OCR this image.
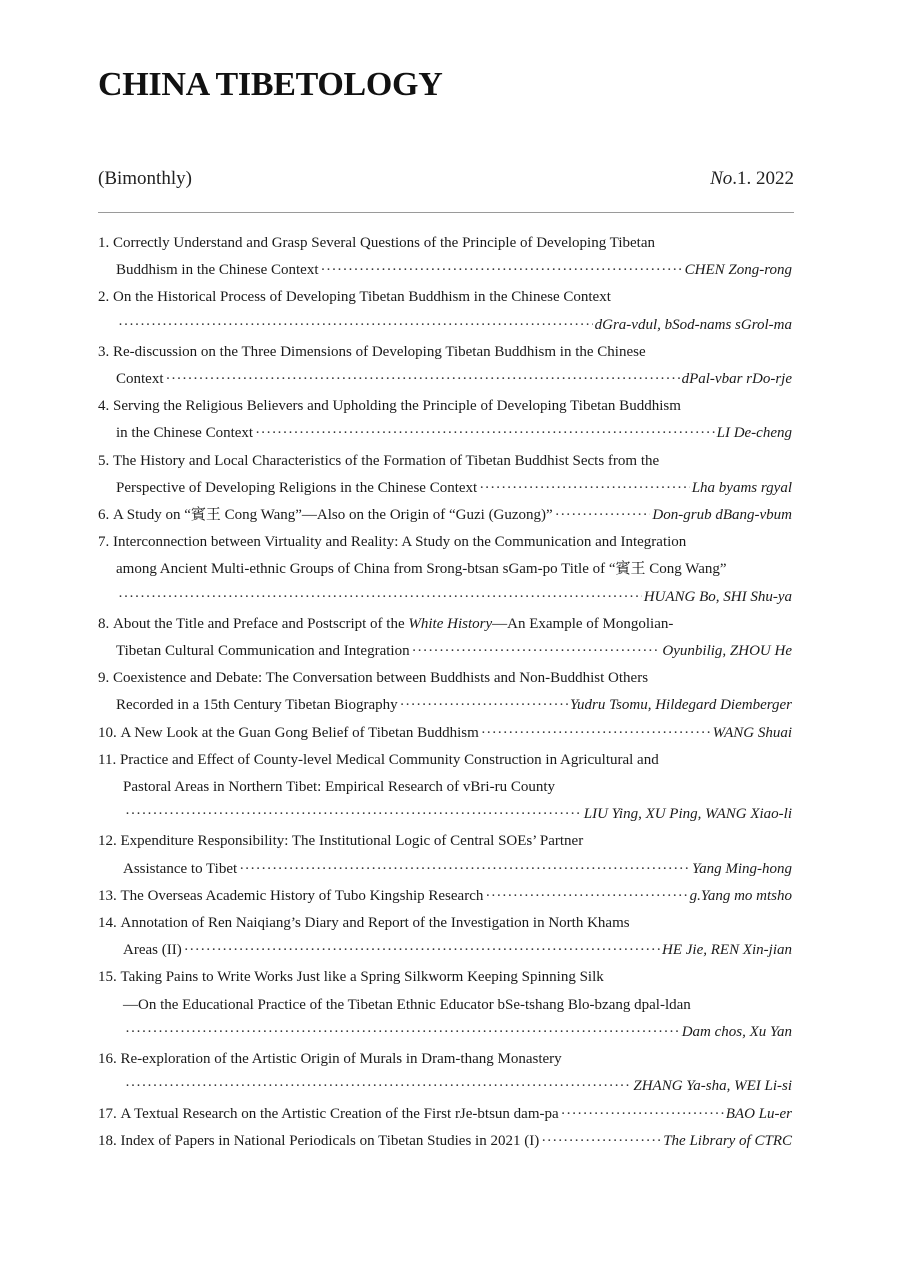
CHINA TIBETOLOGY
(Bimonthly)	No.1. 2022
1. Correctly Understand and Grasp Several Questions of the Principle of Developing Tibetan
Buddhism in the Chinese Context ·····	CHEN Zong-rong
2. On the Historical Process of Developing Tibetan Buddhism in the Chinese Context
·····
dGra-vdul, bSod-nams sGrol-ma
3. Re-discussion on the Three Dimensions of Developing Tibetan Buddhism in the Chinese
Context ·····	dPal-vbar rDo-rje
4. Serving the Religious Believers and Upholding the Principle of Developing Tibetan Buddhism
in the Chinese Context ·····	LI De-cheng
5. The History and Local Characteristics of the Formation of Tibetan Buddhist Sects from the
Perspective of Developing Religions in the Chinese Context ·····	Lha byams rgyal
6. A Study on “賓王 Cong Wang”—Also on the Origin of “Guzi (Guzong)” ·····	Don-grub dBang-vbum
7. Interconnection between Virtuality and Reality: A Study on the Communication and Integration
among Ancient Multi-ethnic Groups of China from Srong-btsan sGam-po Title of “賓王 Cong Wang”
·····
HUANG Bo, SHI Shu-ya
8. About the Title and Preface and Postscript of the White History—An Example of Mongolian-
Tibetan Cultural Communication and Integration ·····	Oyunbilig, ZHOU He
9. Coexistence and Debate: The Conversation between Buddhists and Non-Buddhist Others
Recorded in a 15th Century Tibetan Biography ·····	Yudru Tsomu, Hildegard Diemberger
10. A New Look at the Guan Gong Belief of Tibetan Buddhism ·····	WANG Shuai
11. Practice and Effect of County-level Medical Community Construction in Agricultural and
Pastoral Areas in Northern Tibet: Empirical Research of vBri-ru County
·····
LIU Ying, XU Ping, WANG Xiao-li
12. Expenditure Responsibility: The Institutional Logic of Central SOEs’ Partner
Assistance to Tibet ·····	Yang Ming-hong
13. The Overseas Academic History of Tubo Kingship Research ·····	g.Yang mo mtsho
14. Annotation of Ren Naiqiang’s Diary and Report of the Investigation in North Khams
Areas (II) ·····	HE Jie, REN Xin-jian
15. Taking Pains to Write Works Just like a Spring Silkworm Keeping Spinning Silk
—On the Educational Practice of the Tibetan Ethnic Educator bSe-tshang Blo-bzang dpal-ldan
·····
Dam chos, Xu Yan
16. Re-exploration of the Artistic Origin of Murals in Dram-thang Monastery
·····
ZHANG Ya-sha, WEI Li-si
17. A Textual Research on the Artistic Creation of the First rJe-btsun dam-pa ·····	BAO Lu-er
18. Index of Papers in National Periodicals on Tibetan Studies in 2021 (I) ·····	The Library of CTRC
